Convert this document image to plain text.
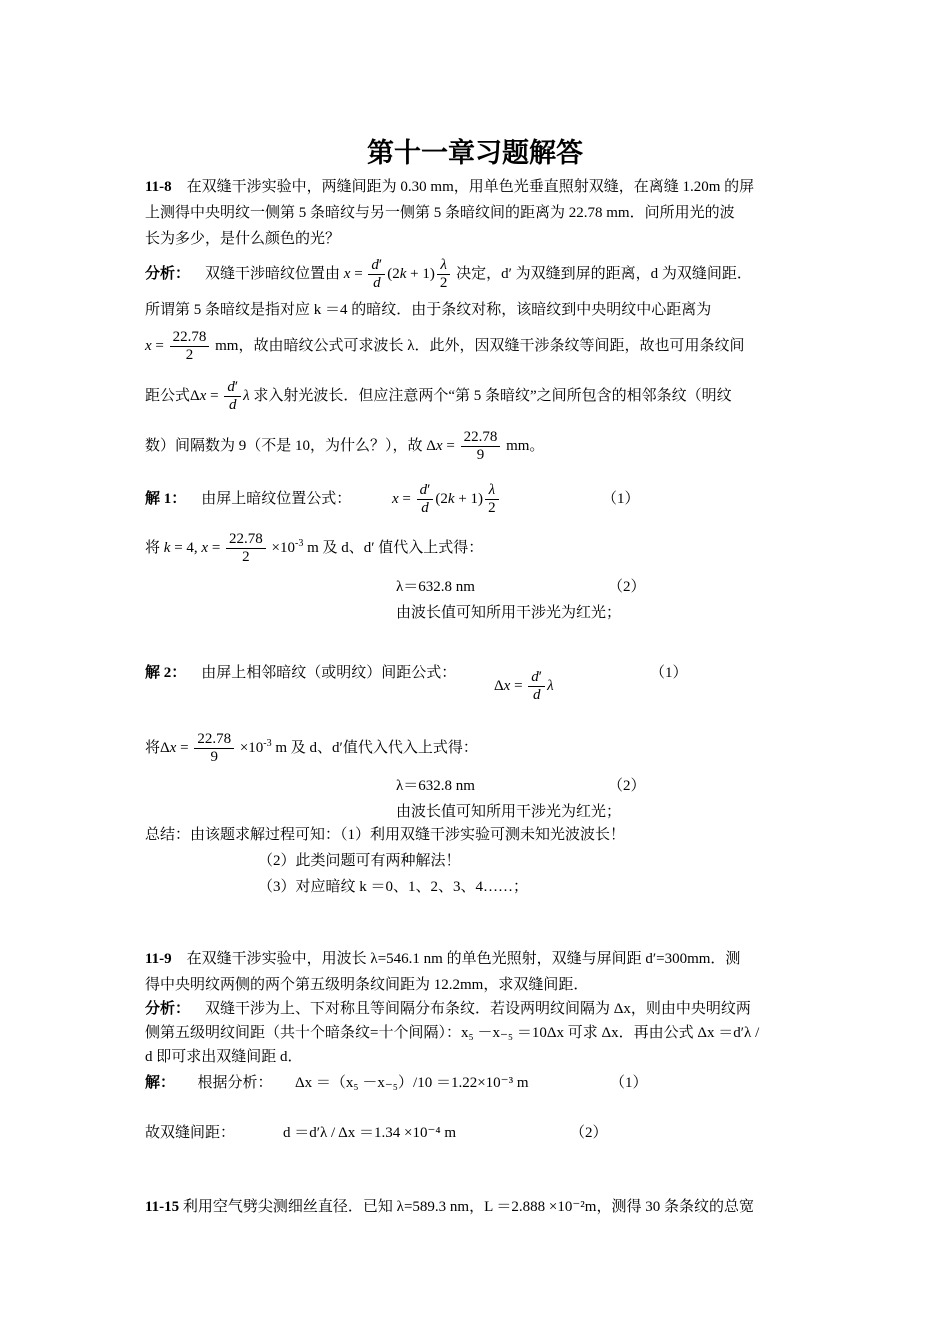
第十一章习题解答
11-8 在双缝干涉实验中，两缝间距为 0.30 mm，用单色光垂直照射双缝，在离缝 1.20m 的屏
上测得中央明纹一侧第 5 条暗纹与另一侧第 5 条暗纹间的距离为 22.78 mm．问所用光的波
长为多少，是什么颜色的光？
分析： 双缝干涉暗纹位置由 $x = \frac{d'}{d} (2k + 1) \frac{\lambda}{2}$ 决定，d′ 为双缝到屏的距离，d 为双缝间距．
所谓第 5 条暗纹是指对应 k ＝4 的暗纹．由于条纹对称，该暗纹到中央明纹中心距离为
$x = \frac{22.78}{2}$ mm，故由暗纹公式可求波长 λ．此外，因双缝干涉条纹等间距，故也可用条纹间
距公式$\Delta x = \frac{d'}{d}$ λ 求入射光波长．但应注意两个“第 5 条暗纹”之间所包含的相邻条纹（明纹
数）间隔数为 9（不是 10，为什么？），故 $\Delta x = \frac{22.78}{9}$ mm。
解 1： 由屏上暗纹位置公式：	$x = \frac{d'}{d} (2k + 1) \frac{\lambda}{2}$	（1）
将 k = 4, $x = \frac{22.78}{2} \times 10^{-3}$ m 及 d、d′ 值代入上式得：
λ＝632.8 nm	（2）
由波长值可知所用干涉光为红光；
解 2： 由屏上相邻暗纹（或明纹）间距公式：
$\Delta x = \frac{d'}{d}$ λ
（1）
将$\Delta x = \frac{22.78}{9} \times 10^{-3}$ m 及 d、d′值代入代入上式得：
λ＝632.8 nm	（2）
由波长值可知所用干涉光为红光；
总结：由该题求解过程可知：（1）利用双缝干涉实验可测未知光波波长！
（2）此类问题可有两种解法！
（3）对应暗纹 k ＝0、1、2、3、4……；
11-9 在双缝干涉实验中，用波长 λ=546.1 nm 的单色光照射，双缝与屏间距 d′=300mm．测
得中央明纹两侧的两个第五级明条纹间距为 12.2mm，求双缝间距．
分析： 双缝干涉为上、下对称且等间隔分布条纹．若设两明纹间隔为 Δx，则由中央明纹两
侧第五级明纹间距（共十个暗条纹=十个间隔）：x₅ －x₋₅ ＝10Δx 可求 Δx．再由公式 Δx ＝d′λ /
d 即可求出双缝间距 d．
解： 根据分析： Δx ＝（x₅ －x₋₅）/10 ＝1.22×10⁻³ m	（1）
故双缝间距：	d ＝d′λ / Δx ＝1.34 ×10⁻⁴ m	（2）
11-15 利用空气劈尖测细丝直径．已知 λ=589.3 nm，L ＝2.888 ×10⁻²m，测得 30 条条纹的总宽
